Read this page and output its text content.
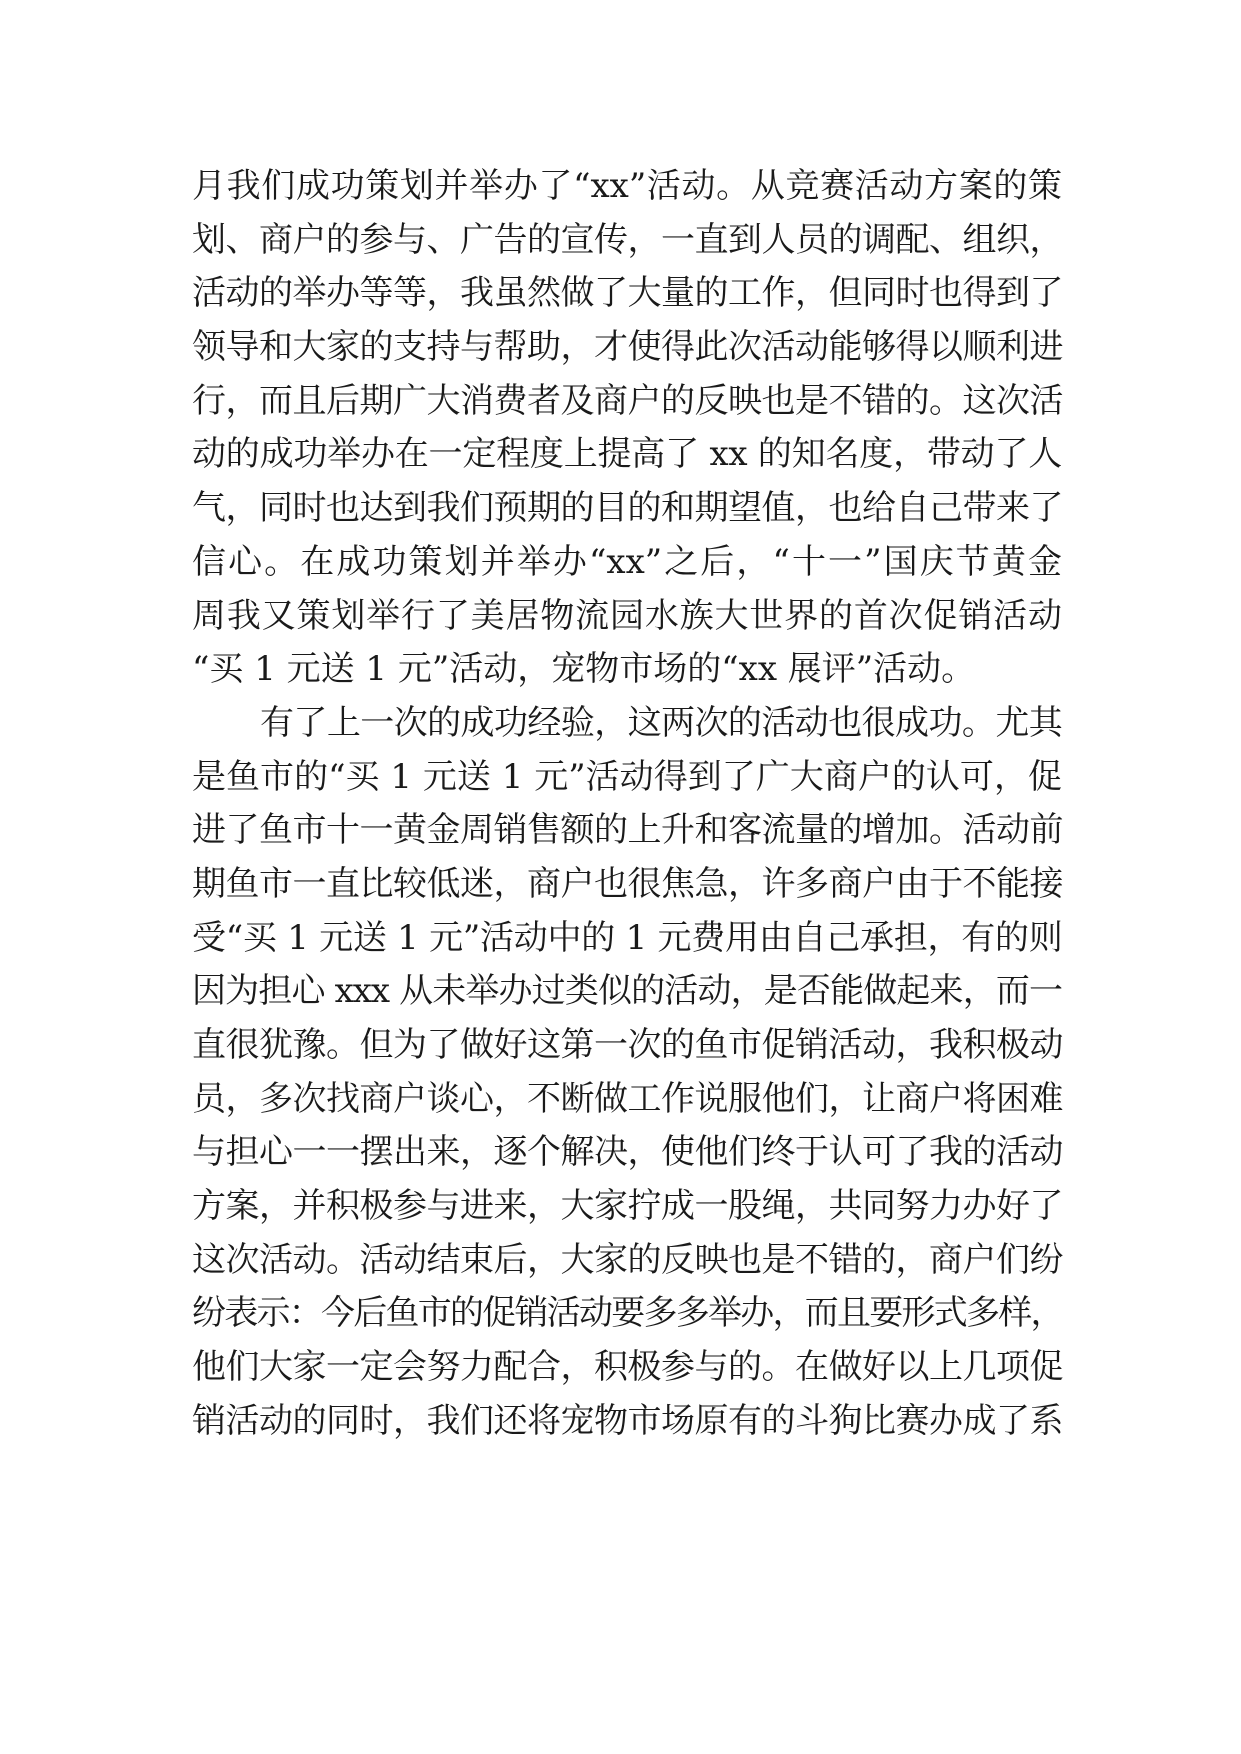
月我们成功策划并举办了“xx”活动。从竞赛活动方案的策
划、商户的参与、广告的宣传，一直到人员的调配、组织，
活动的举办等等，我虽然做了大量的工作，但同时也得到了
领导和大家的支持与帮助，才使得此次活动能够得以顺利进
行，而且后期广大消费者及商户的反映也是不错的。这次活
动的成功举办在一定程度上提高了 xx 的知名度，带动了人
气，同时也达到我们预期的目的和期望值，也给自己带来了
信心。在成功策划并举办“xx”之后，“十一”国庆节黄金
周我又策划举行了美居物流园水族大世界的首次促销活动
“买 1 元送 1 元”活动，宠物市场的“xx 展评”活动。
有了上一次的成功经验，这两次的活动也很成功。尤其
是鱼市的“买 1 元送 1 元”活动得到了广大商户的认可，促
进了鱼市十一黄金周销售额的上升和客流量的增加。活动前
期鱼市一直比较低迷，商户也很焦急，许多商户由于不能接
受“买 1 元送 1 元”活动中的 1 元费用由自己承担，有的则
因为担心 xxx 从未举办过类似的活动，是否能做起来，而一
直很犹豫。但为了做好这第一次的鱼市促销活动，我积极动
员，多次找商户谈心，不断做工作说服他们，让商户将困难
与担心一一摆出来，逐个解决，使他们终于认可了我的活动
方案，并积极参与进来，大家拧成一股绳，共同努力办好了
这次活动。活动结束后，大家的反映也是不错的，商户们纷
纷表示：今后鱼市的促销活动要多多举办，而且要形式多样，
他们大家一定会努力配合，积极参与的。在做好以上几项促
销活动的同时，我们还将宠物市场原有的斗狗比赛办成了系
